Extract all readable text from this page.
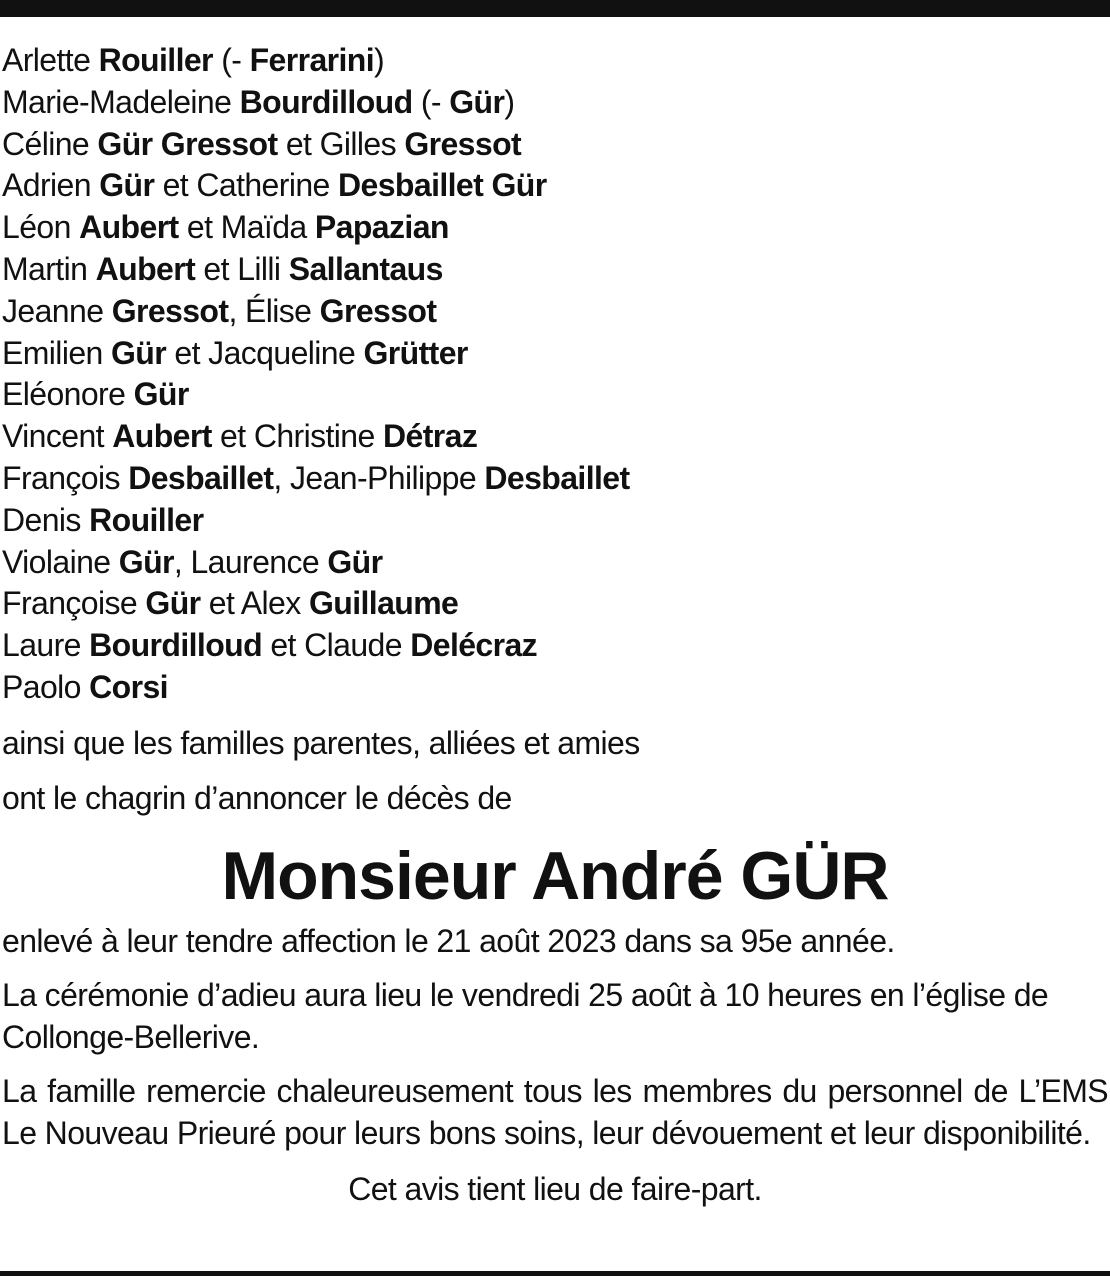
Arlette Rouiller (- Ferrarini)
Marie-Madeleine Bourdilloud (- Gür)
Céline Gür Gressot et Gilles Gressot
Adrien Gür et Catherine Desbaillet Gür
Léon Aubert et Maïda Papazian
Martin Aubert et Lilli Sallantaus
Jeanne Gressot, Élise Gressot
Emilien Gür et Jacqueline Grütter
Eléonore Gür
Vincent Aubert et Christine Détraz
François Desbaillet, Jean-Philippe Desbaillet
Denis Rouiller
Violaine Gür, Laurence Gür
Françoise Gür et Alex Guillaume
Laure Bourdilloud et Claude Delécraz
Paolo Corsi

ainsi que les familles parentes, alliées et amies

ont le chagrin d’annoncer le décès de

Monsieur André GÜR

enlevé à leur tendre affection le 21 août 2023 dans sa 95e année.

La cérémonie d’adieu aura lieu le vendredi 25 août à 10 heures en l’église de Collonge-Bellerive.

La famille remercie chaleureusement tous les membres du personnel de L’EMS Le Nouveau Prieuré pour leurs bons soins, leur dévouement et leur disponibilité.

Cet avis tient lieu de faire-part.
